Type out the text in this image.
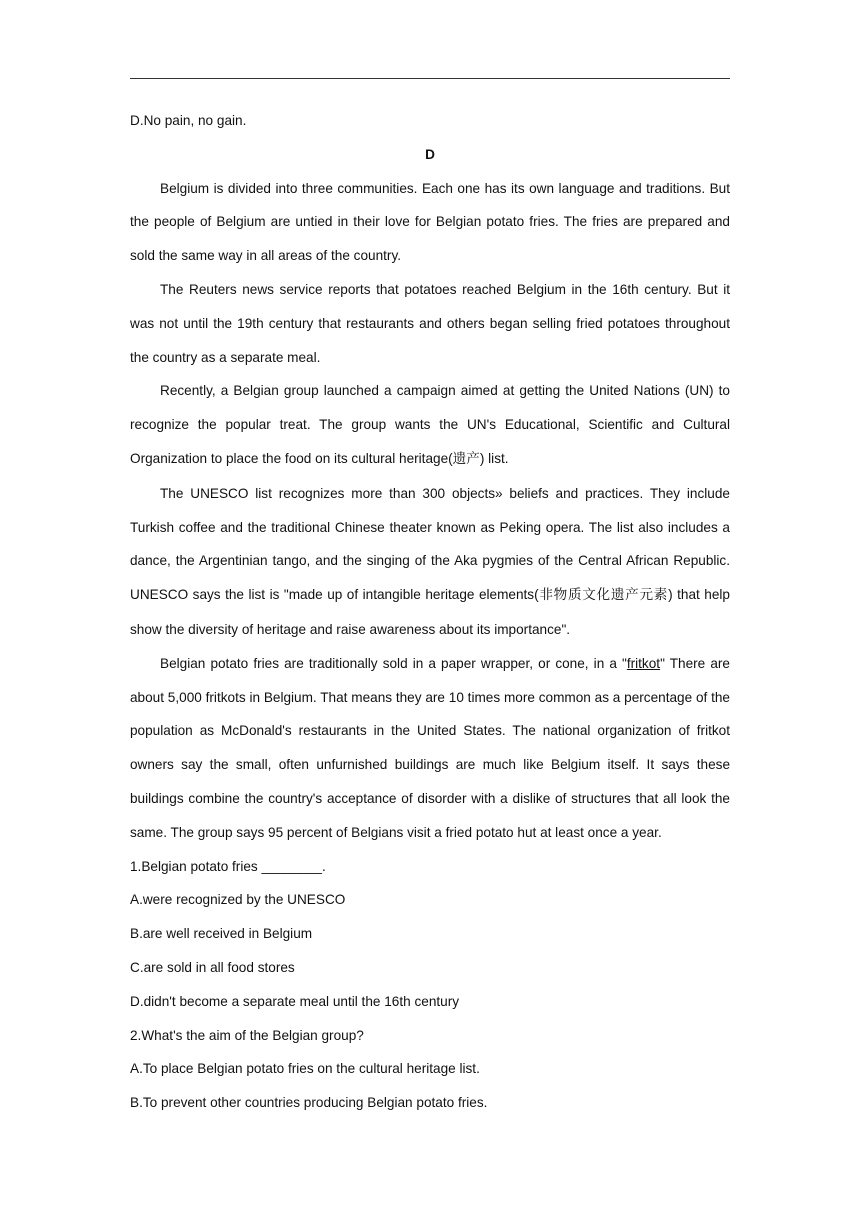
D.No pain, no gain.

D

Belgium is divided into three communities. Each one has its own language and traditions. But the people of Belgium are untied in their love for Belgian potato fries. The fries are prepared and sold the same way in all areas of the country.

The Reuters news service reports that potatoes reached Belgium in the 16th century. But it was not until the 19th century that restaurants and others began selling fried potatoes throughout the country as a separate meal.

Recently, a Belgian group launched a campaign aimed at getting the United Nations (UN) to recognize the popular treat. The group wants the UN's Educational, Scientific and Cultural Organization to place the food on its cultural heritage(遗产) list.

The UNESCO list recognizes more than 300 objects» beliefs and practices. They include Turkish coffee and the traditional Chinese theater known as Peking opera. The list also includes a dance, the Argentinian tango, and the singing of the Aka pygmies of the Central African Republic. UNESCO says the list is "made up of intangible heritage elements(非物质文化遗产元素) that help show the diversity of heritage and raise awareness about its importance".

Belgian potato fries are traditionally sold in a paper wrapper, or cone, in a "fritkot" There are about 5,000 fritkots in Belgium. That means they are 10 times more common as a percentage of the population as McDonald's restaurants in the United States. The national organization of fritkot owners say the small, often unfurnished buildings are much like Belgium itself. It says these buildings combine the country's acceptance of disorder with a dislike of structures that all look the same. The group says 95 percent of Belgians visit a fried potato hut at least once a year.

1.Belgian potato fries ________.

A.were recognized by the UNESCO

B.are well received in Belgium

C.are sold in all food stores

D.didn't become a separate meal until the 16th century

2.What's the aim of the Belgian group?

A.To place Belgian potato fries on the cultural heritage list.

B.To prevent other countries producing Belgian potato fries.
